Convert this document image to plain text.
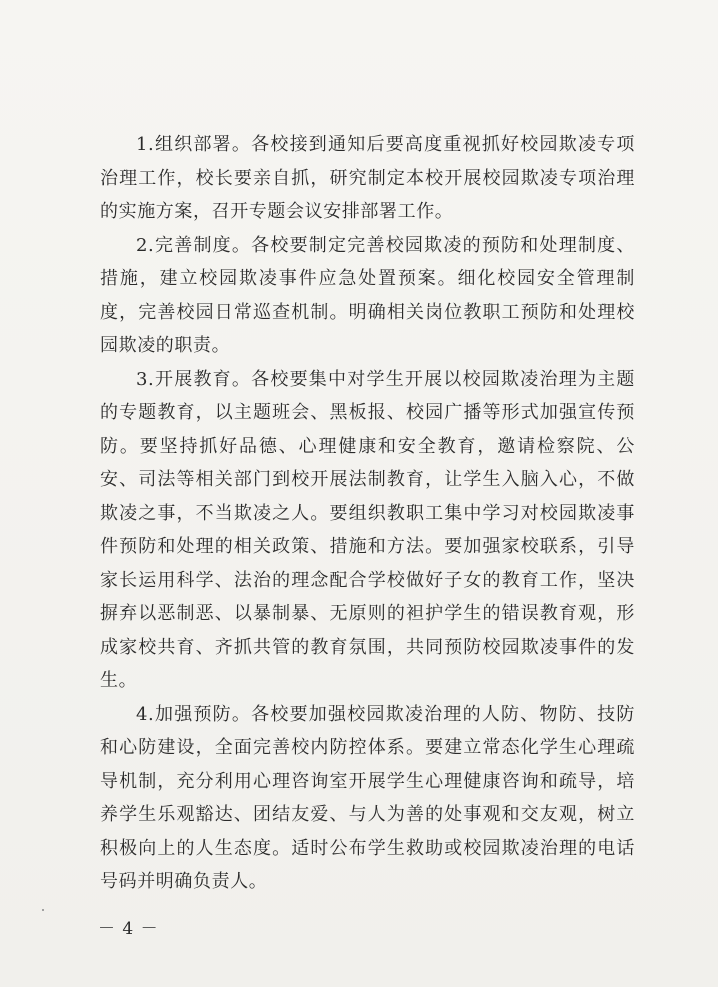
1.组织部署。各校接到通知后要高度重视抓好校园欺凌专项治理工作，校长要亲自抓，研究制定本校开展校园欺凌专项治理的实施方案，召开专题会议安排部署工作。

2.完善制度。各校要制定完善校园欺凌的预防和处理制度、措施，建立校园欺凌事件应急处置预案。细化校园安全管理制度，完善校园日常巡查机制。明确相关岗位教职工预防和处理校园欺凌的职责。

3.开展教育。各校要集中对学生开展以校园欺凌治理为主题的专题教育，以主题班会、黑板报、校园广播等形式加强宣传预防。要坚持抓好品德、心理健康和安全教育，邀请检察院、公安、司法等相关部门到校开展法制教育，让学生入脑入心，不做欺凌之事，不当欺凌之人。要组织教职工集中学习对校园欺凌事件预防和处理的相关政策、措施和方法。要加强家校联系，引导家长运用科学、法治的理念配合学校做好子女的教育工作，坚决摒弃以恶制恶、以暴制暴、无原则的袒护学生的错误教育观，形成家校共育、齐抓共管的教育氛围，共同预防校园欺凌事件的发生。

4.加强预防。各校要加强校园欺凌治理的人防、物防、技防和心防建设，全面完善校内防控体系。要建立常态化学生心理疏导机制，充分利用心理咨询室开展学生心理健康咨询和疏导，培养学生乐观豁达、团结友爱、与人为善的处事观和交友观，树立积极向上的人生态度。适时公布学生救助或校园欺凌治理的电话号码并明确负责人。

－ 4 －
